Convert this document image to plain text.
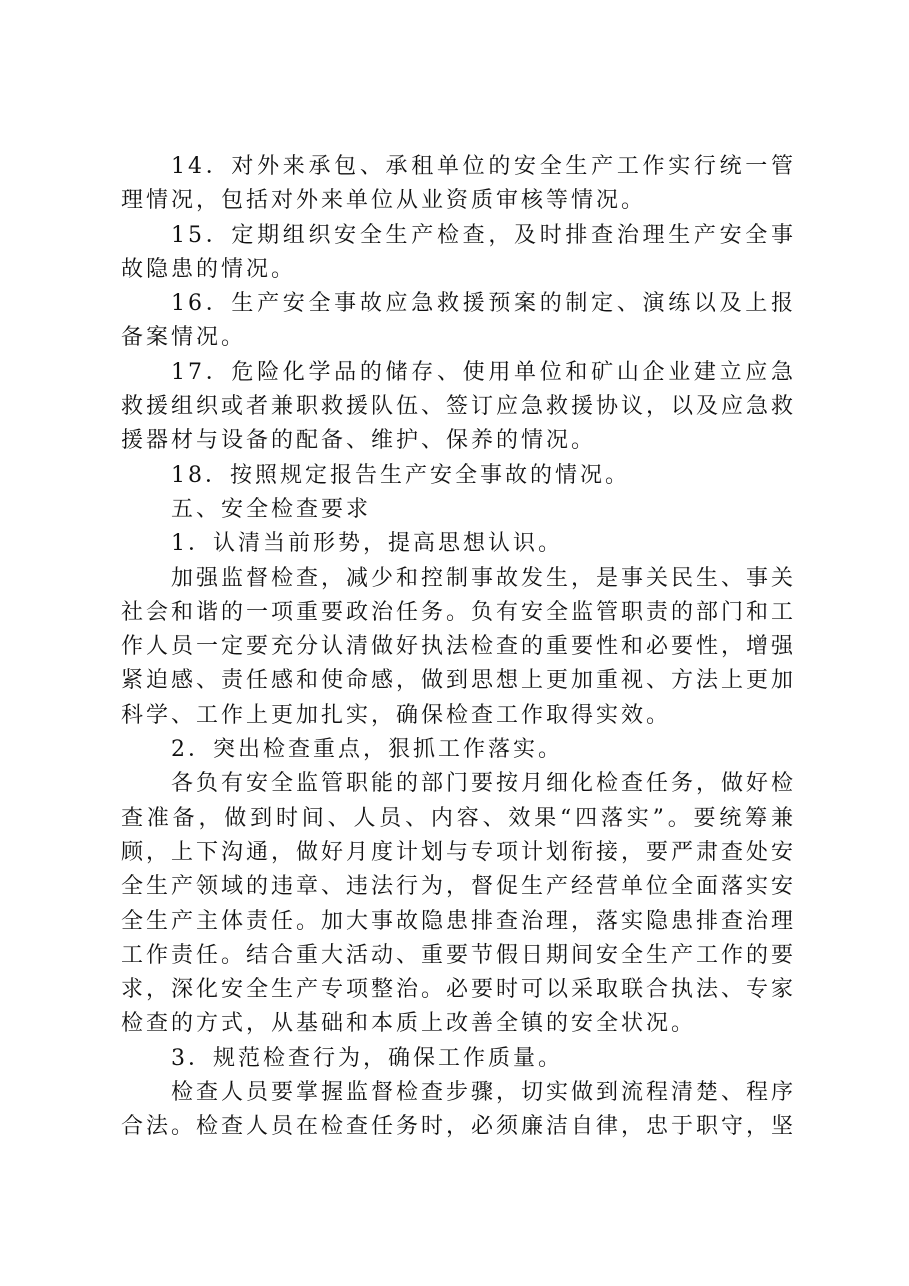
14．对外来承包、承租单位的安全生产工作实行统一管理情况，包括对外来单位从业资质审核等情况。

15．定期组织安全生产检查，及时排查治理生产安全事故隐患的情况。

16．生产安全事故应急救援预案的制定、演练以及上报备案情况。

17．危险化学品的储存、使用单位和矿山企业建立应急救援组织或者兼职救援队伍、签订应急救援协议，以及应急救援器材与设备的配备、维护、保养的情况。

18．按照规定报告生产安全事故的情况。

五、安全检查要求

1．认清当前形势，提高思想认识。

加强监督检查，减少和控制事故发生，是事关民生、事关社会和谐的一项重要政治任务。负有安全监管职责的部门和工作人员一定要充分认清做好执法检查的重要性和必要性，增强紧迫感、责任感和使命感，做到思想上更加重视、方法上更加科学、工作上更加扎实，确保检查工作取得实效。

2．突出检查重点，狠抓工作落实。

各负有安全监管职能的部门要按月细化检查任务，做好检查准备，做到时间、人员、内容、效果“四落实”。要统筹兼顾，上下沟通，做好月度计划与专项计划衔接，要严肃查处安全生产领域的违章、违法行为，督促生产经营单位全面落实安全生产主体责任。加大事故隐患排查治理，落实隐患排查治理工作责任。结合重大活动、重要节假日期间安全生产工作的要求，深化安全生产专项整治。必要时可以采取联合执法、专家检查的方式，从基础和本质上改善全镇的安全状况。

3．规范检查行为，确保工作质量。

检查人员要掌握监督检查步骤，切实做到流程清楚、程序合法。检查人员在检查任务时，必须廉洁自律，忠于职守，坚
